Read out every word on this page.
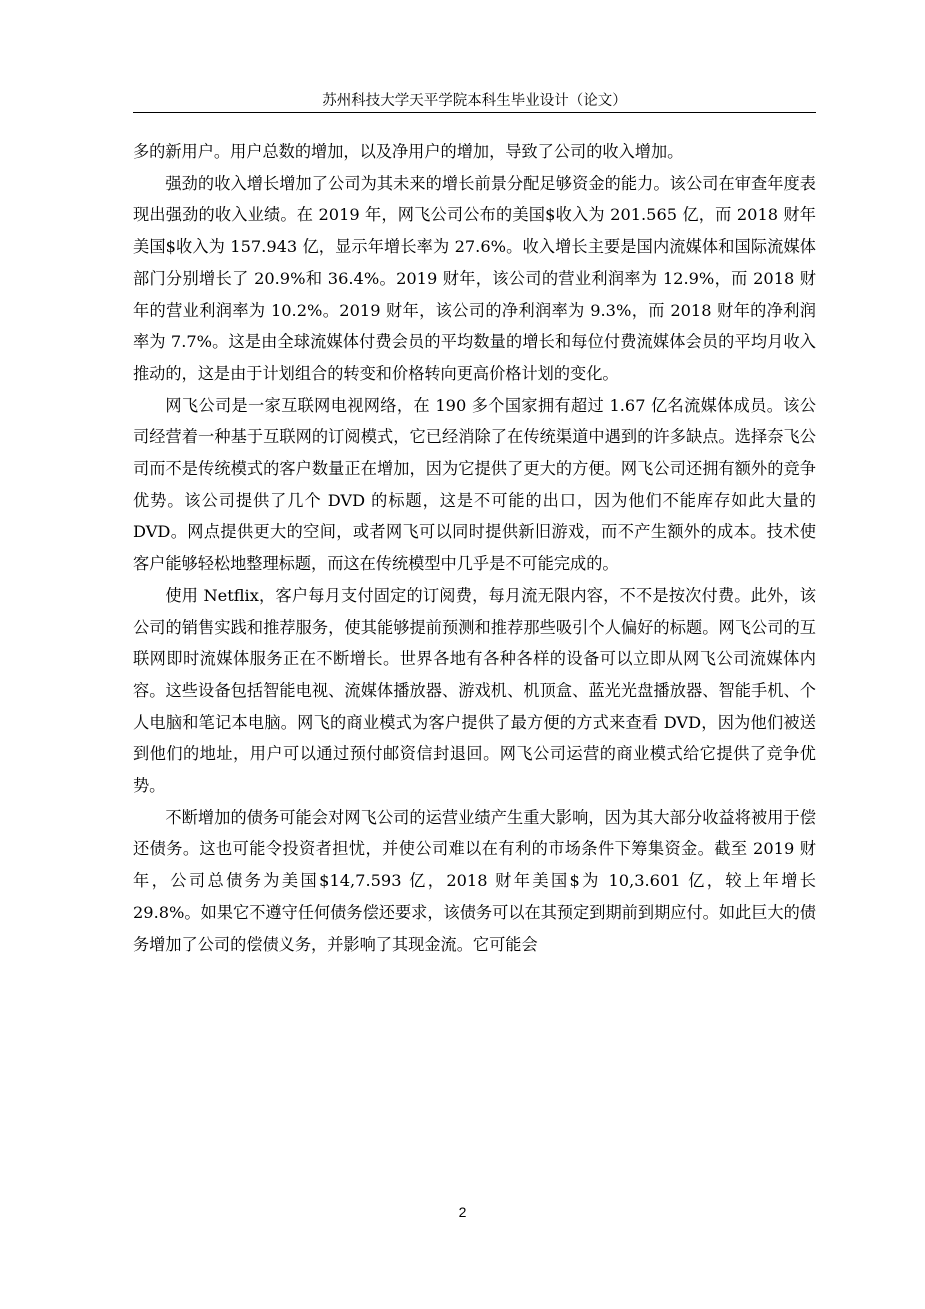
苏州科技大学天平学院本科生毕业设计（论文）

多的新用户。用户总数的增加，以及净用户的增加，导致了公司的收入增加。

强劲的收入增长增加了公司为其未来的增长前景分配足够资金的能力。该公司在审查年度表现出强劲的收入业绩。在 2019 年，网飞公司公布的美国$收入为 201.565 亿，而 2018 财年美国$收入为 157.943 亿，显示年增长率为 27.6%。收入增长主要是国内流媒体和国际流媒体部门分别增长了 20.9%和 36.4%。2019 财年，该公司的营业利润率为 12.9%，而 2018 财年的营业利润率为 10.2%。2019 财年，该公司的净利润率为 9.3%，而 2018 财年的净利润率为 7.7%。这是由全球流媒体付费会员的平均数量的增长和每位付费流媒体会员的平均月收入推动的，这是由于计划组合的转变和价格转向更高价格计划的变化。

网飞公司是一家互联网电视网络，在 190 多个国家拥有超过 1.67 亿名流媒体成员。该公司经营着一种基于互联网的订阅模式，它已经消除了在传统渠道中遇到的许多缺点。选择奈飞公司而不是传统模式的客户数量正在增加，因为它提供了更大的方便。网飞公司还拥有额外的竞争优势。该公司提供了几个 DVD 的标题，这是不可能的出口，因为他们不能库存如此大量的 DVD。网点提供更大的空间，或者网飞可以同时提供新旧游戏，而不产生额外的成本。技术使客户能够轻松地整理标题，而这在传统模型中几乎是不可能完成的。

使用 Netflix，客户每月支付固定的订阅费，每月流无限内容，不不是按次付费。此外，该公司的销售实践和推荐服务，使其能够提前预测和推荐那些吸引个人偏好的标题。网飞公司的互联网即时流媒体服务正在不断增长。世界各地有各种各样的设备可以立即从网飞公司流媒体内容。这些设备包括智能电视、流媒体播放器、游戏机、机顶盒、蓝光光盘播放器、智能手机、个人电脑和笔记本电脑。网飞的商业模式为客户提供了最方便的方式来查看 DVD，因为他们被送到他们的地址，用户可以通过预付邮资信封退回。网飞公司运营的商业模式给它提供了竞争优势。

不断增加的债务可能会对网飞公司的运营业绩产生重大影响，因为其大部分收益将被用于偿还债务。这也可能令投资者担忧，并使公司难以在有利的市场条件下筹集资金。截至 2019 财年，公司总债务为美国$14,7.593 亿，2018 财年美国$为 10,3.601 亿，较上年增长 29.8%。如果它不遵守任何债务偿还要求，该债务可以在其预定到期前到期应付。如此巨大的债务增加了公司的偿债义务，并影响了其现金流。它可能会

2
